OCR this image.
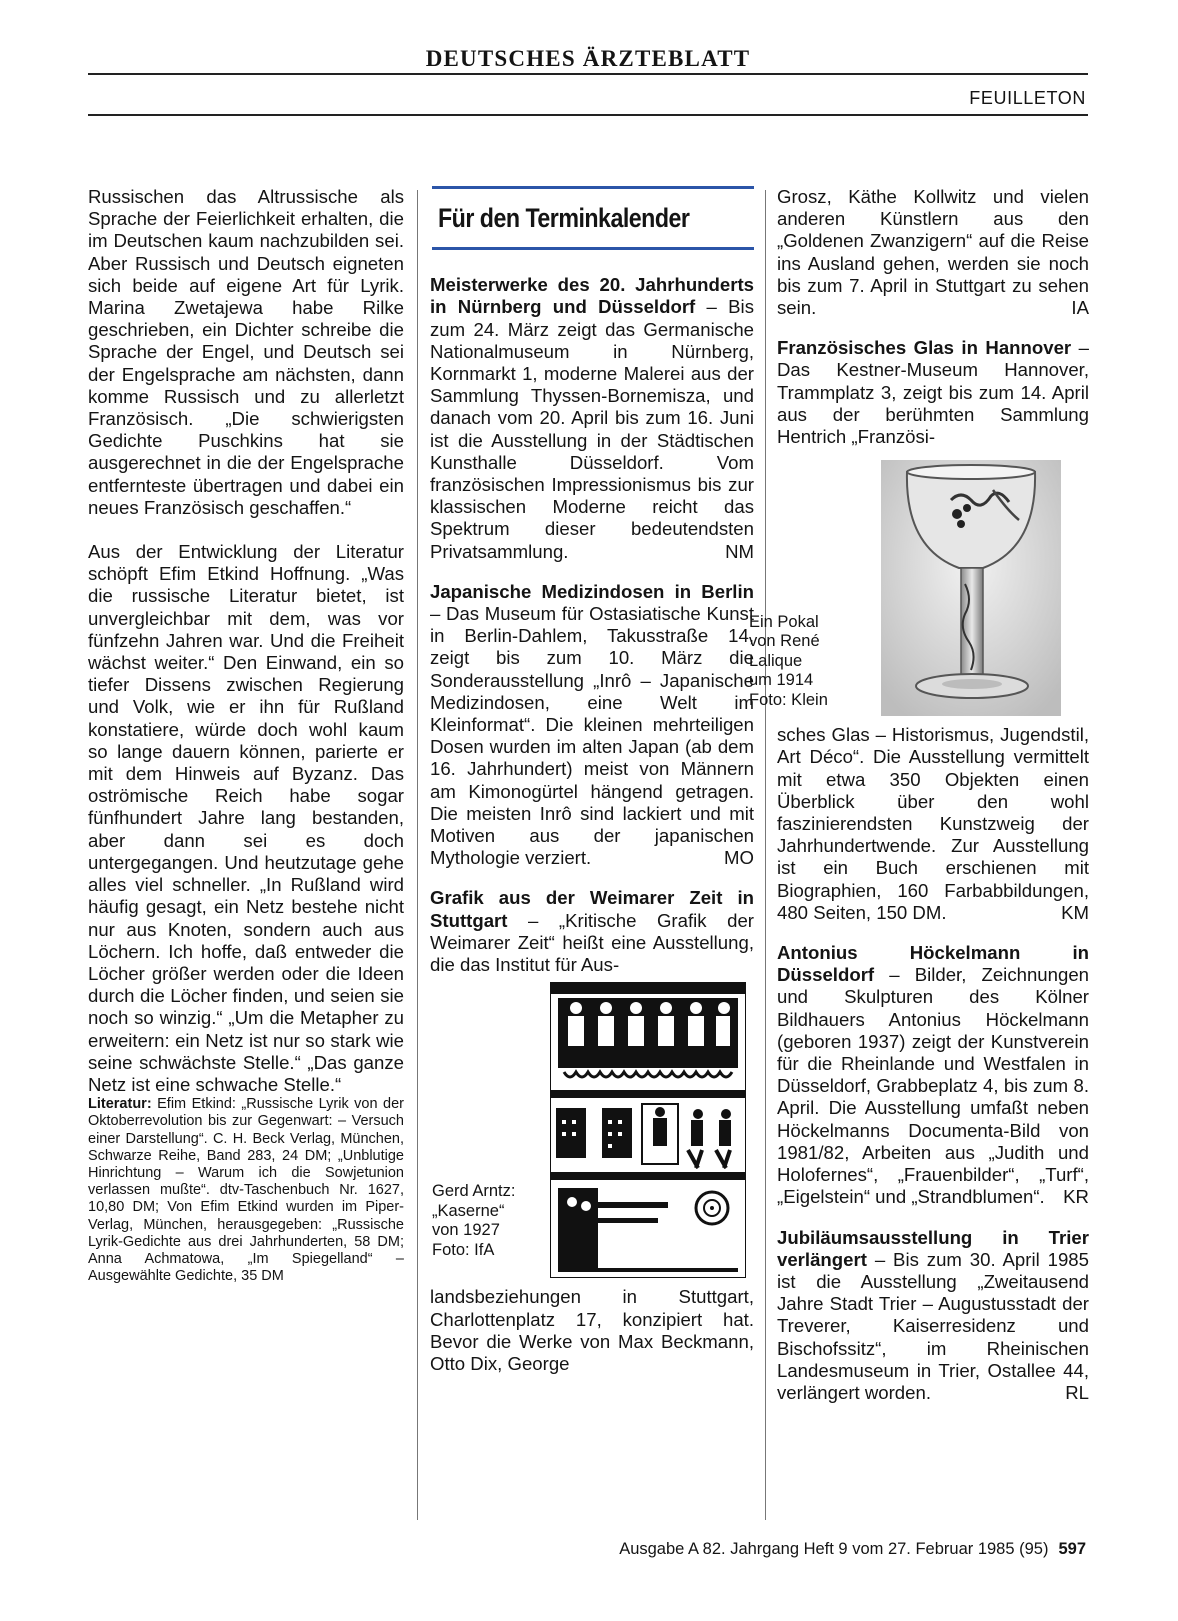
DEUTSCHES ÄRZTEBLATT
FEUILLETON

Russischen das Altrussische als Sprache der Feierlichkeit erhalten, die im Deutschen kaum nachzubilden sei. Aber Russisch und Deutsch eigneten sich beide auf eigene Art für Lyrik. Marina Zwetajewa habe Rilke geschrieben, ein Dichter schreibe die Sprache der Engel, und Deutsch sei der Engelsprache am nächsten, dann komme Russisch und zu allerletzt Französisch. „Die schwierigsten Gedichte Puschkins hat sie ausgerechnet in die der Engelsprache entfernteste übertragen und dabei ein neues Französisch geschaffen.“

Aus der Entwicklung der Literatur schöpft Efim Etkind Hoffnung. „Was die russische Literatur bietet, ist unvergleichbar mit dem, was vor fünfzehn Jahren war. Und die Freiheit wächst weiter.“ Den Einwand, ein so tiefer Dissens zwischen Regierung und Volk, wie er ihn für Rußland konstatiere, würde doch wohl kaum so lange dauern können, parierte er mit dem Hinweis auf Byzanz. Das oströmische Reich habe sogar fünfhundert Jahre lang bestanden, aber dann sei es doch untergegangen. Und heutzutage gehe alles viel schneller. „In Rußland wird häufig gesagt, ein Netz bestehe nicht nur aus Knoten, sondern auch aus Löchern. Ich hoffe, daß entweder die Löcher größer werden oder die Ideen durch die Löcher finden, und seien sie noch so winzig.“ „Um die Metapher zu erweitern: ein Netz ist nur so stark wie seine schwächste Stelle.“ „Das ganze Netz ist eine schwache Stelle.“

Literatur: Efim Etkind: „Russische Lyrik von der Oktoberrevolution bis zur Gegenwart: – Versuch einer Darstellung“. C. H. Beck Verlag, München, Schwarze Reihe, Band 283, 24 DM; „Unblutige Hinrichtung – Warum ich die Sowjetunion verlassen mußte“. dtv-Taschenbuch Nr. 1627, 10,80 DM; Von Efim Etkind wurden im Piper-Verlag, München, herausgegeben: „Russische Lyrik-Gedichte aus drei Jahrhunderten, 58 DM; Anna Achmatowa, „Im Spiegelland“ – Ausgewählte Gedichte, 35 DM

Für den Terminkalender

Meisterwerke des 20. Jahrhunderts in Nürnberg und Düsseldorf – Bis zum 24. März zeigt das Germanische Nationalmuseum in Nürnberg, Kornmarkt 1, moderne Malerei aus der Sammlung Thyssen-Bornemisza, und danach vom 20. April bis zum 16. Juni ist die Ausstellung in der Städtischen Kunsthalle Düsseldorf. Vom französischen Impressionismus bis zur klassischen Moderne reicht das Spektrum dieser bedeutendsten Privatsammlung.	NM

Japanische Medizindosen in Berlin – Das Museum für Ostasiatische Kunst in Berlin-Dahlem, Takusstraße 14, zeigt bis zum 10. März die Sonderausstellung „Inrô – Japanische Medizindosen, eine Welt im Kleinformat“. Die kleinen mehrteiligen Dosen wurden im alten Japan (ab dem 16. Jahrhundert) meist von Männern am Kimonogürtel hängend getragen. Die meisten Inrô sind lackiert und mit Motiven aus der japanischen Mythologie verziert.	MO

Grafik aus der Weimarer Zeit in Stuttgart – „Kritische Grafik der Weimarer Zeit“ heißt eine Ausstellung, die das Institut für Aus-

Gerd Arntz:
„Kaserne“
von 1927
Foto: IfA

landsbeziehungen in Stuttgart, Charlottenplatz 17, konzipiert hat. Bevor die Werke von Max Beckmann, Otto Dix, George

Grosz, Käthe Kollwitz und vielen anderen Künstlern aus den „Goldenen Zwanzigern“ auf die Reise ins Ausland gehen, werden sie noch bis zum 7. April in Stuttgart zu sehen sein.	IA

Französisches Glas in Hannover – Das Kestner-Museum Hannover, Trammplatz 3, zeigt bis zum 14. April aus der berühmten Sammlung Hentrich „Französi-

Ein Pokal
von René
Lalique
um 1914
Foto: Klein

sches Glas – Historismus, Jugendstil, Art Déco“. Die Ausstellung vermittelt mit etwa 350 Objekten einen Überblick über den wohl faszinierendsten Kunstzweig der Jahrhundertwende. Zur Ausstellung ist ein Buch erschienen mit Biographien, 160 Farbabbildungen, 480 Seiten, 150 DM.	KM

Antonius Höckelmann in Düsseldorf – Bilder, Zeichnungen und Skulpturen des Kölner Bildhauers Antonius Höckelmann (geboren 1937) zeigt der Kunstverein für die Rheinlande und Westfalen in Düsseldorf, Grabbeplatz 4, bis zum 8. April. Die Ausstellung umfaßt neben Höckelmanns Documenta-Bild von 1981/82, Arbeiten aus „Judith und Holofernes“, „Frauenbilder“, „Turf“, „Eigelstein“ und „Strandblumen“. KR

Jubiläumsausstellung in Trier verlängert – Bis zum 30. April 1985 ist die Ausstellung „Zweitausend Jahre Stadt Trier – Augustusstadt der Treverer, Kaiserresidenz und Bischofssitz“, im Rheinischen Landesmuseum in Trier, Ostallee 44, verlängert worden.	RL

Ausgabe A 82. Jahrgang Heft 9 vom 27. Februar 1985 (95) 597
